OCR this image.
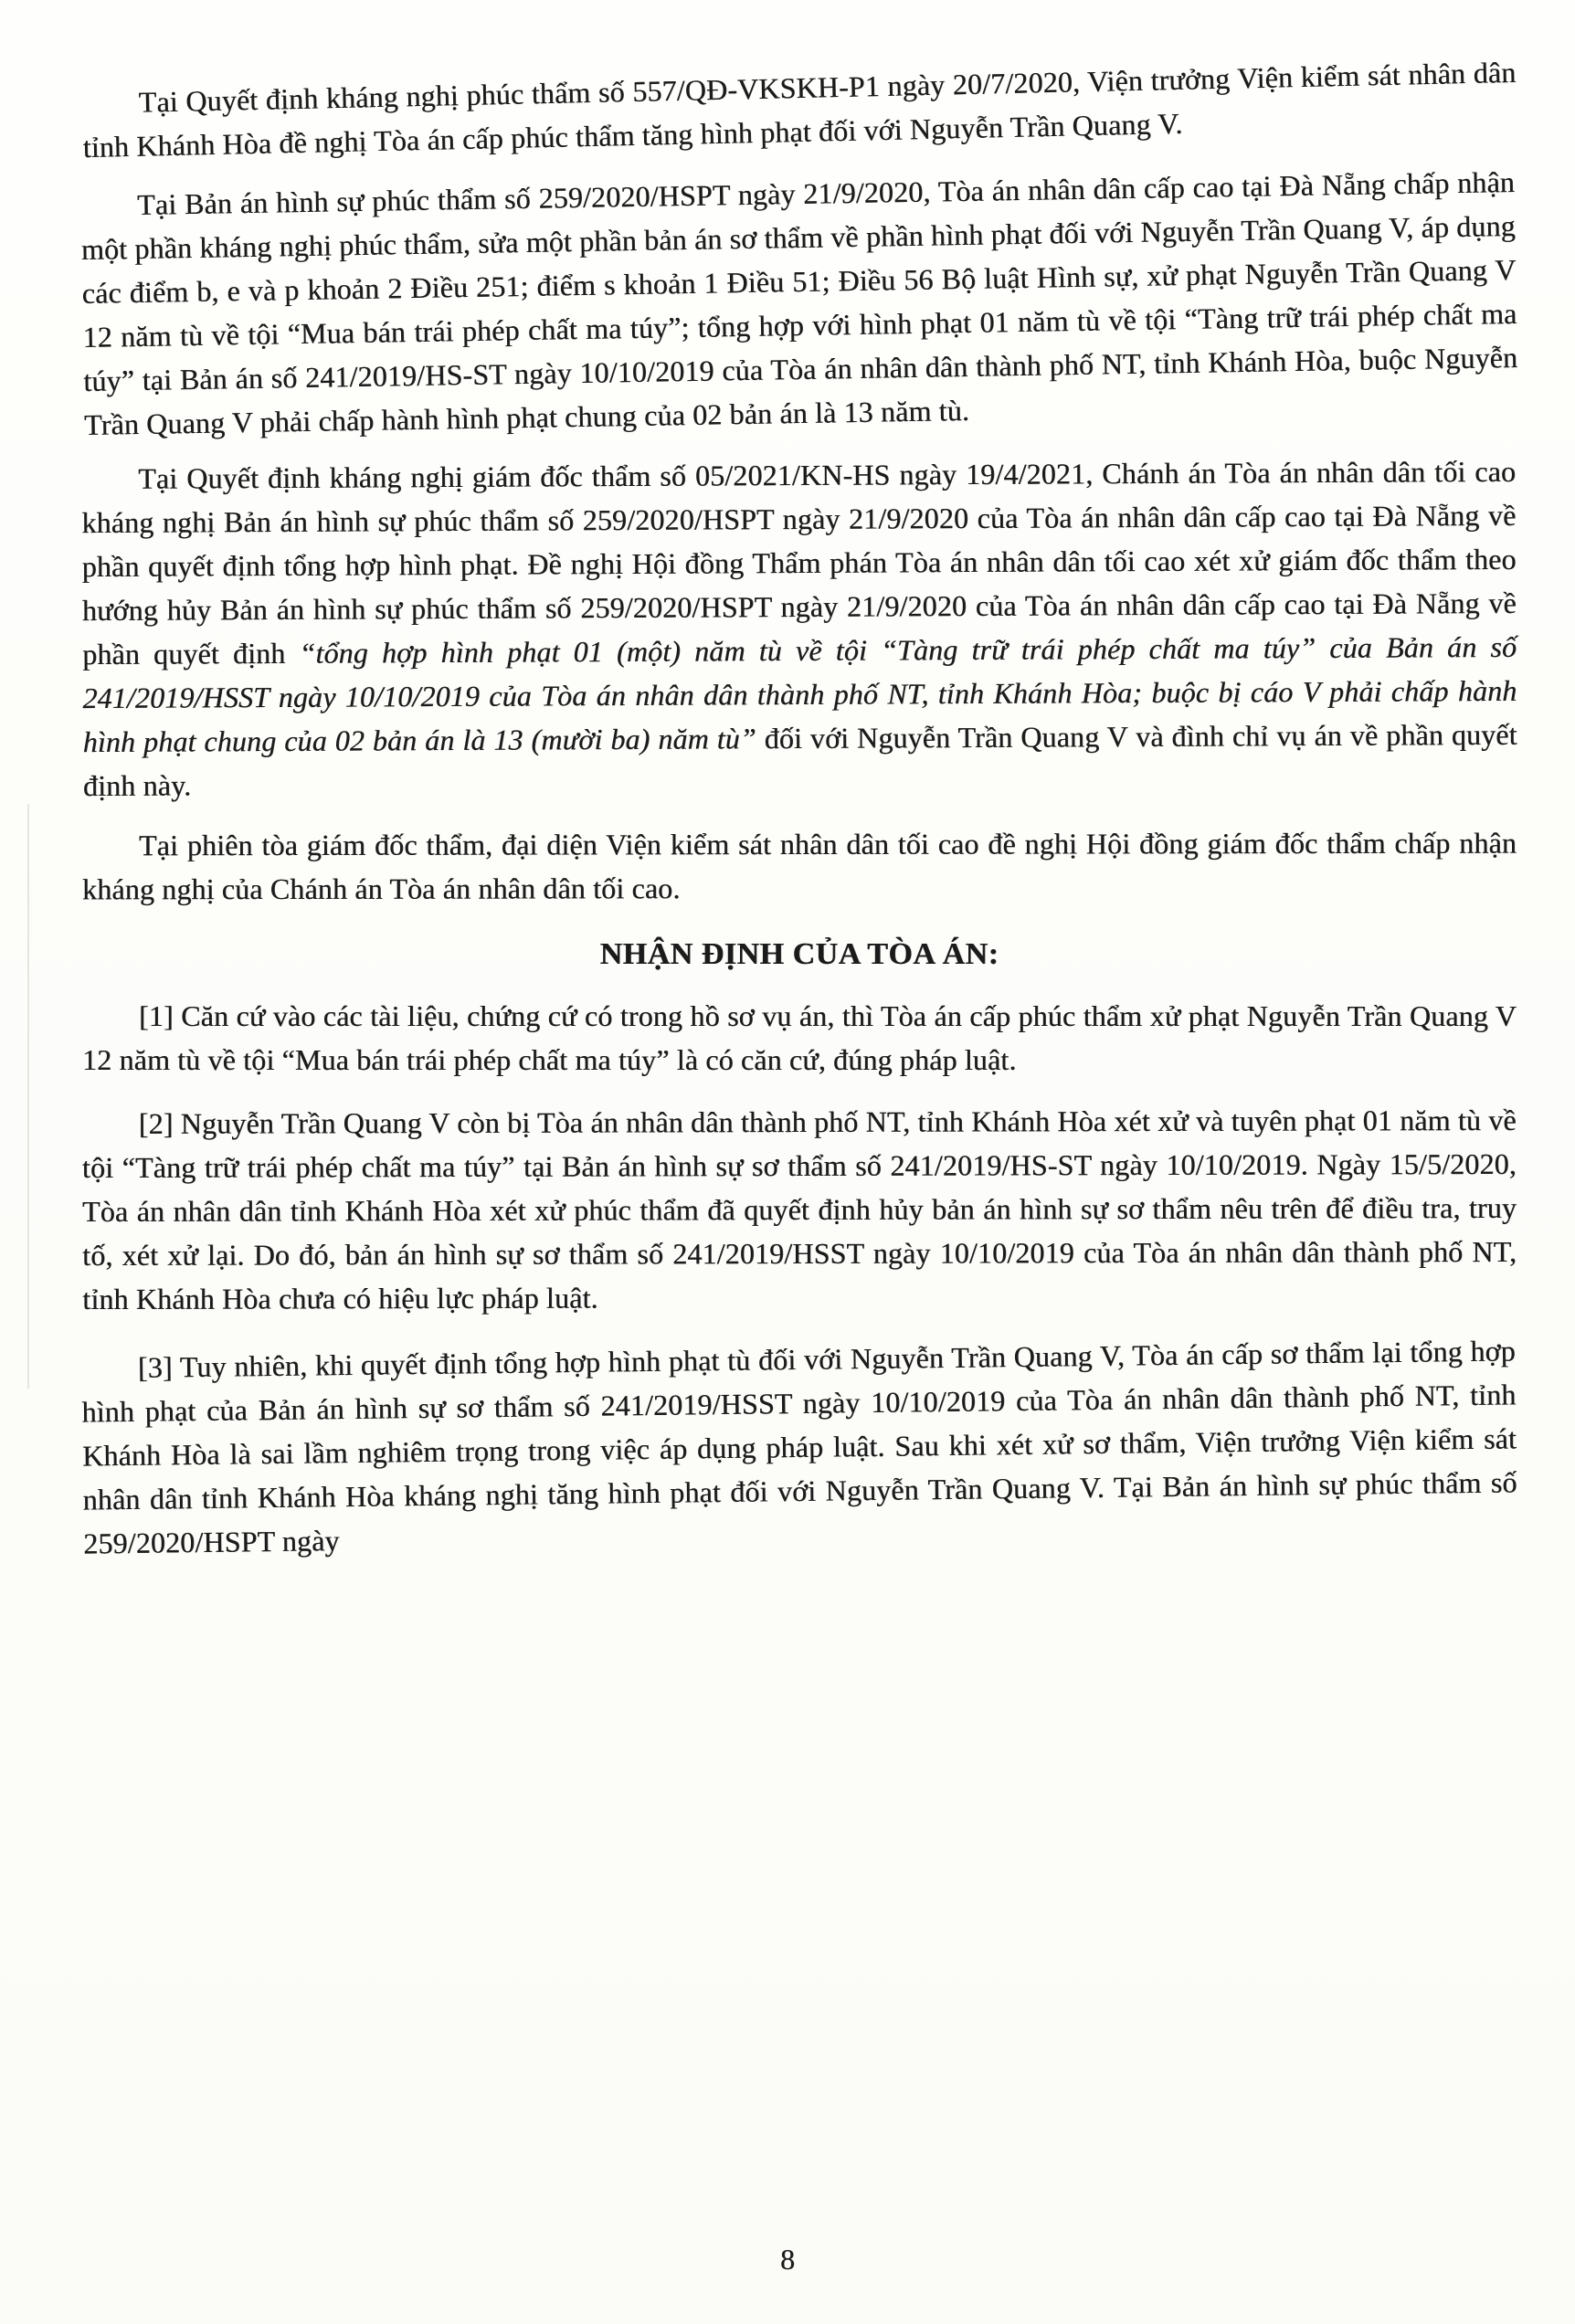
Tại Quyết định kháng nghị phúc thẩm số 557/QĐ-VKSKH-P1 ngày 20/7/2020, Viện trưởng Viện kiểm sát nhân dân tỉnh Khánh Hòa đề nghị Tòa án cấp phúc thẩm tăng hình phạt đối với Nguyễn Trần Quang V.

Tại Bản án hình sự phúc thẩm số 259/2020/HSPT ngày 21/9/2020, Tòa án nhân dân cấp cao tại Đà Nẵng chấp nhận một phần kháng nghị phúc thẩm, sửa một phần bản án sơ thẩm về phần hình phạt đối với Nguyễn Trần Quang V, áp dụng các điểm b, e và p khoản 2 Điều 251; điểm s khoản 1 Điều 51; Điều 56 Bộ luật Hình sự, xử phạt Nguyễn Trần Quang V 12 năm tù về tội “Mua bán trái phép chất ma túy”; tổng hợp với hình phạt 01 năm tù về tội “Tàng trữ trái phép chất ma túy” tại Bản án số 241/2019/HS-ST ngày 10/10/2019 của Tòa án nhân dân thành phố NT, tỉnh Khánh Hòa, buộc Nguyễn Trần Quang V phải chấp hành hình phạt chung của 02 bản án là 13 năm tù.

Tại Quyết định kháng nghị giám đốc thẩm số 05/2021/KN-HS ngày 19/4/2021, Chánh án Tòa án nhân dân tối cao kháng nghị Bản án hình sự phúc thẩm số 259/2020/HSPT ngày 21/9/2020 của Tòa án nhân dân cấp cao tại Đà Nẵng về phần quyết định tổng hợp hình phạt. Đề nghị Hội đồng Thẩm phán Tòa án nhân dân tối cao xét xử giám đốc thẩm theo hướng hủy Bản án hình sự phúc thẩm số 259/2020/HSPT ngày 21/9/2020 của Tòa án nhân dân cấp cao tại Đà Nẵng về phần quyết định “tổng hợp hình phạt 01 (một) năm tù về tội “Tàng trữ trái phép chất ma túy” của Bản án số 241/2019/HSST ngày 10/10/2019 của Tòa án nhân dân thành phố NT, tỉnh Khánh Hòa; buộc bị cáo V phải chấp hành hình phạt chung của 02 bản án là 13 (mười ba) năm tù” đối với Nguyễn Trần Quang V và đình chỉ vụ án về phần quyết định này.

Tại phiên tòa giám đốc thẩm, đại diện Viện kiểm sát nhân dân tối cao đề nghị Hội đồng giám đốc thẩm chấp nhận kháng nghị của Chánh án Tòa án nhân dân tối cao.

NHẬN ĐỊNH CỦA TÒA ÁN:

[1] Căn cứ vào các tài liệu, chứng cứ có trong hồ sơ vụ án, thì Tòa án cấp phúc thẩm xử phạt Nguyễn Trần Quang V 12 năm tù về tội “Mua bán trái phép chất ma túy” là có căn cứ, đúng pháp luật.

[2] Nguyễn Trần Quang V còn bị Tòa án nhân dân thành phố NT, tỉnh Khánh Hòa xét xử và tuyên phạt 01 năm tù về tội “Tàng trữ trái phép chất ma túy” tại Bản án hình sự sơ thẩm số 241/2019/HS-ST ngày 10/10/2019. Ngày 15/5/2020, Tòa án nhân dân tỉnh Khánh Hòa xét xử phúc thẩm đã quyết định hủy bản án hình sự sơ thẩm nêu trên để điều tra, truy tố, xét xử lại. Do đó, bản án hình sự sơ thẩm số 241/2019/HSST ngày 10/10/2019 của Tòa án nhân dân thành phố NT, tỉnh Khánh Hòa chưa có hiệu lực pháp luật.

[3] Tuy nhiên, khi quyết định tổng hợp hình phạt tù đối với Nguyễn Trần Quang V, Tòa án cấp sơ thẩm lại tổng hợp hình phạt của Bản án hình sự sơ thẩm số 241/2019/HSST ngày 10/10/2019 của Tòa án nhân dân thành phố NT, tỉnh Khánh Hòa là sai lầm nghiêm trọng trong việc áp dụng pháp luật. Sau khi xét xử sơ thẩm, Viện trưởng Viện kiểm sát nhân dân tỉnh Khánh Hòa kháng nghị tăng hình phạt đối với Nguyễn Trần Quang V. Tại Bản án hình sự phúc thẩm số 259/2020/HSPT ngày

8
